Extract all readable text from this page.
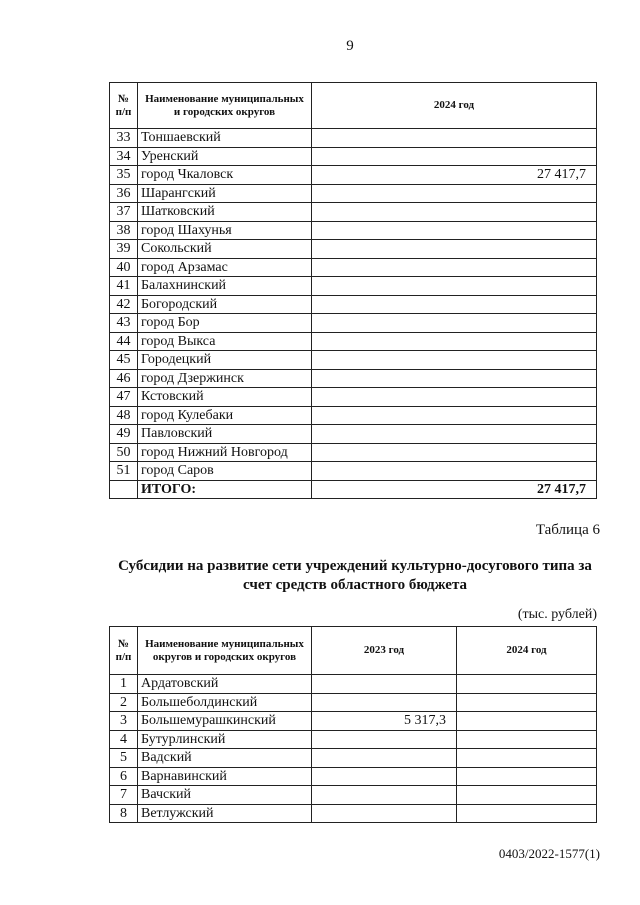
9
№ п/п	Наименование муниципальных и городских округов	2024 год
33	Тоншаевский	
34	Уренский	
35	город Чкаловск	27 417,7
36	Шарангский	
37	Шатковский	
38	город Шахунья	
39	Сокольский	
40	город Арзамас	
41	Балахнинский	
42	Богородский	
43	город Бор	
44	город Выкса	
45	Городецкий	
46	город Дзержинск	
47	Кстовский	
48	город Кулебаки	
49	Павловский	
50	город Нижний Новгород	
51	город Саров	
	ИТОГО:	27 417,7
Таблица 6
Субсидии на развитие сети учреждений культурно-досугового типа за счет средств областного бюджета
(тыс. рублей)
№ п/п	Наименование муниципальных округов и городских округов	2023 год	2024 год
1	Ардатовский		
2	Большеболдинский		
3	Большемурашкинский	5 317,3	
4	Бутурлинский		
5	Вадский		
6	Варнавинский		
7	Вачский		
8	Ветлужский		
0403/2022-1577(1)
